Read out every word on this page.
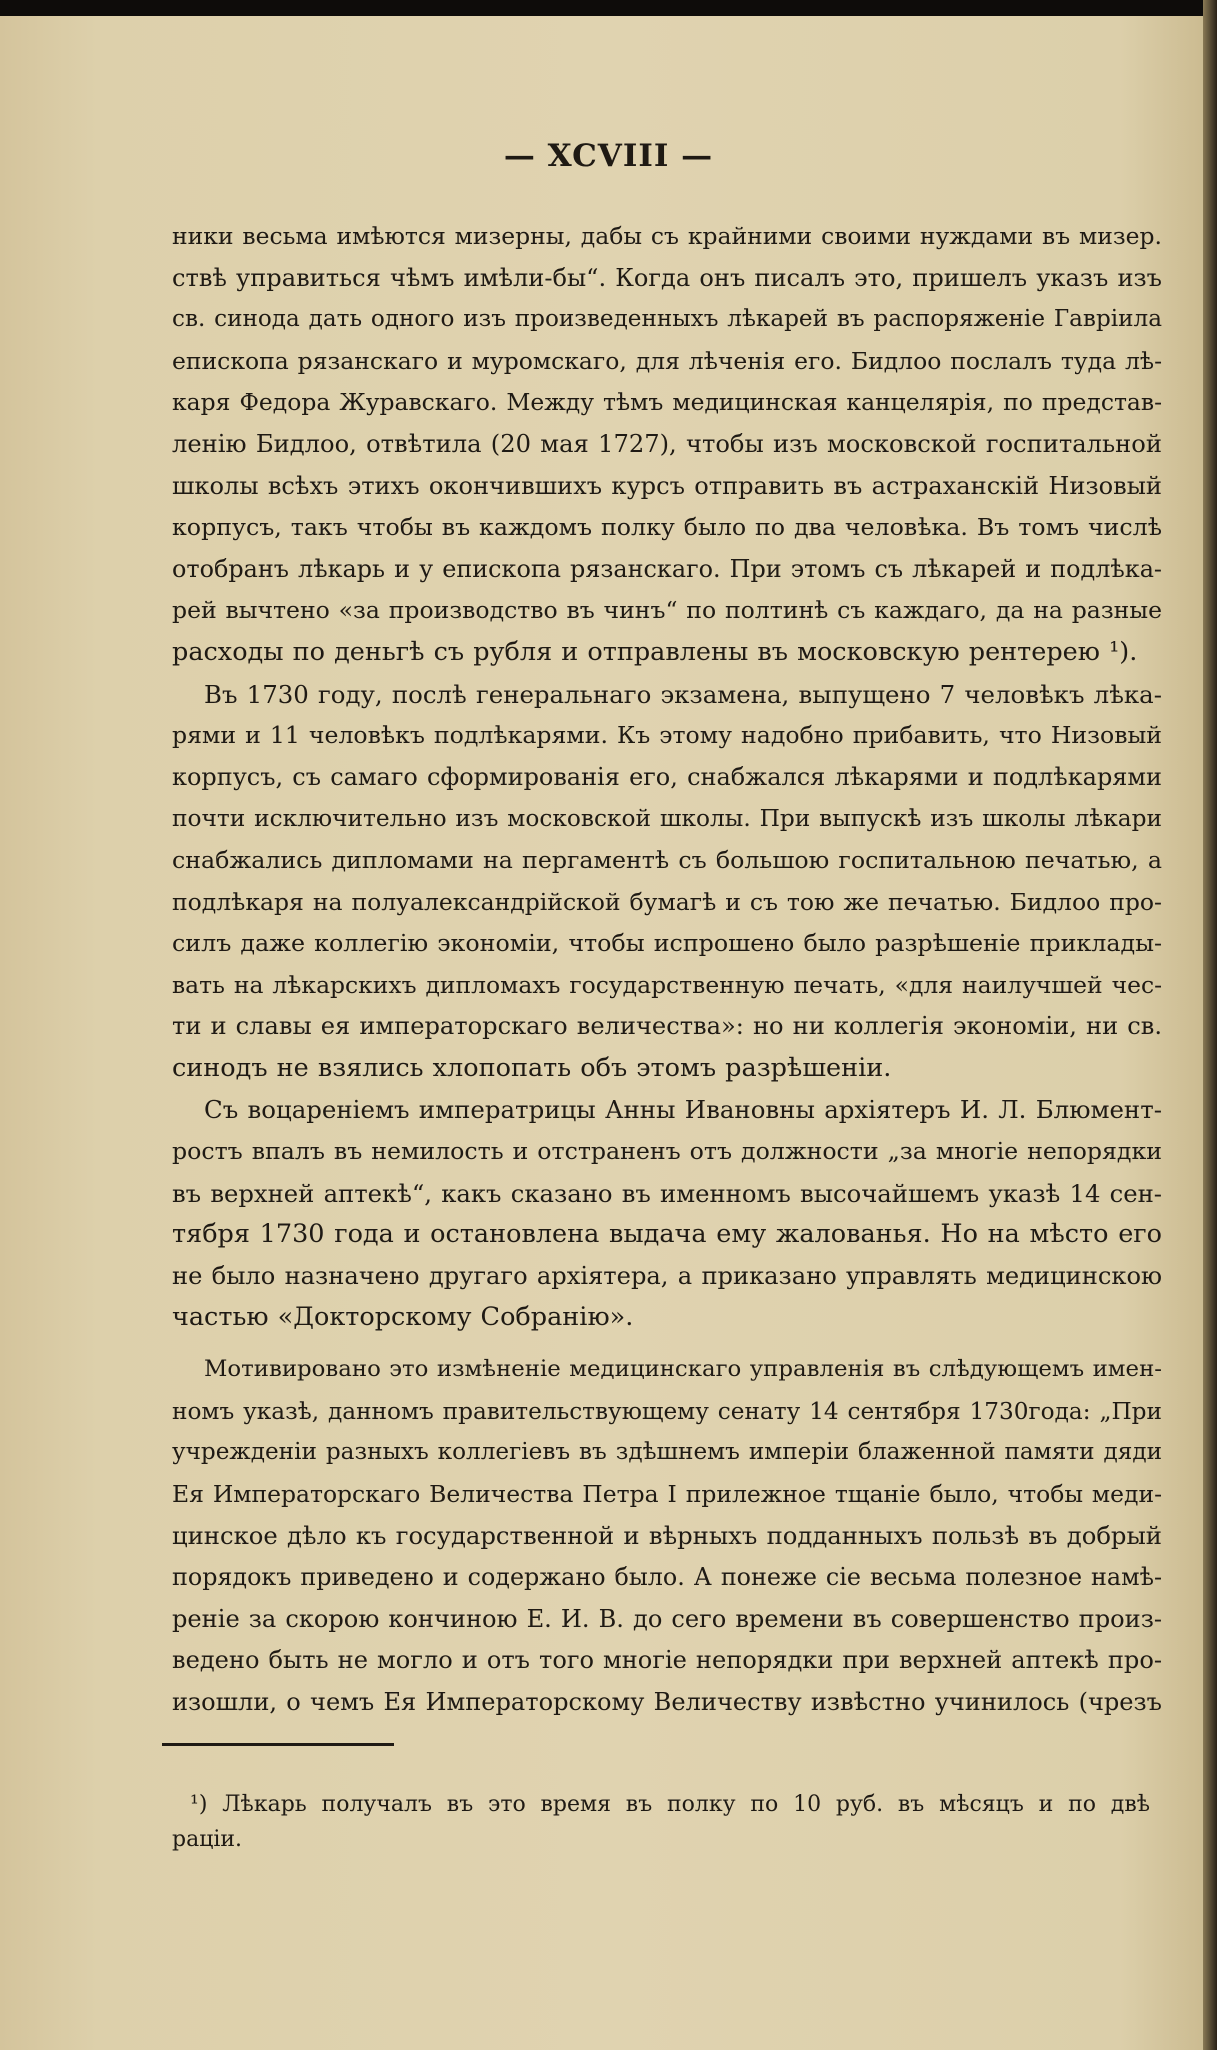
— XCVIII —
ники весьма имѣются мизерны, дабы съ крайними своими нуждами въ мизер.
ствѣ управиться чѣмъ имѣли-бы“. Когда онъ писалъ это, пришелъ указъ изъ
св. синода дать одного изъ произведенныхъ лѣкарей въ распоряженіе Гавріила
епископа рязанскаго и муромскаго, для лѣченія его. Бидлоо послалъ туда лѣ-
каря Федора Журавскаго. Между тѣмъ медицинская канцелярія, по представ-
ленію Бидлоо, отвѣтила (20 мая 1727), чтобы изъ московской госпитальной
школы всѣхъ этихъ окончившихъ курсъ отправить въ астраханскій Низовый
корпусъ, такъ чтобы въ каждомъ полку было по два человѣка. Въ томъ числѣ
отобранъ лѣкарь и у епископа рязанскаго. При этомъ съ лѣкарей и подлѣка-
рей вычтено «за производство въ чинъ“ по полтинѣ съ каждаго, да на разные
расходы по деньгѣ съ рубля и отправлены въ московскую рентерею ¹).
Въ 1730 году, послѣ генеральнаго экзамена, выпущено 7 человѣкъ лѣка-
рями и 11 человѣкъ подлѣкарями. Къ этому надобно прибавить, что Низовый
корпусъ, съ самаго сформированія его, снабжался лѣкарями и подлѣкарями
почти исключительно изъ московской школы. При выпускѣ изъ школы лѣкари
снабжались дипломами на пергаментѣ съ большою госпитальною печатью, а
подлѣкаря на полуалександрійской бумагѣ и съ тою же печатью. Бидлоо про-
силъ даже коллегію экономіи, чтобы испрошено было разрѣшеніе приклады-
вать на лѣкарскихъ дипломахъ государственную печать, «для наилучшей чес-
ти и славы ея императорскаго величества»: но ни коллегія экономіи, ни св.
синодъ не взялись хлопопать объ этомъ разрѣшеніи.
Съ воцареніемъ императрицы Анны Ивановны архіятеръ И. Л. Блюмент-
ростъ впалъ въ немилость и отстраненъ отъ должности „за многіе непорядки
въ верхней аптекѣ“, какъ сказано въ именномъ высочайшемъ указѣ 14 сен-
тября 1730 года и остановлена выдача ему жалованья. Но на мѣсто его
не было назначено другаго архіятера, а приказано управлять медицинскою
частью «Докторскому Собранію».
Мотивировано это измѣненіе медицинскаго управленія въ слѣдующемъ имен-
номъ указѣ, данномъ правительствующему сенату 14 сентября 1730года: „При
учрежденіи разныхъ коллегіевъ въ здѣшнемъ имперіи блаженной памяти дяди
Ея Императорскаго Величества Петра I прилежное тщаніе было, чтобы меди-
цинское дѣло къ государственной и вѣрныхъ подданныхъ пользѣ въ добрый
порядокъ приведено и содержано было. А понеже сіе весьма полезное намѣ-
реніе за скорою кончиною Е. И. В. до сего времени въ совершенство произ-
ведено быть не могло и отъ того многіе непорядки при верхней аптекѣ про-
изошли, о чемъ Ея Императорскому Величеству извѣстно учинилось (чрезъ
¹) Лѣкарь получалъ въ это время въ полку по 10 руб. въ мѣсяцъ и по двѣ
раціи.
